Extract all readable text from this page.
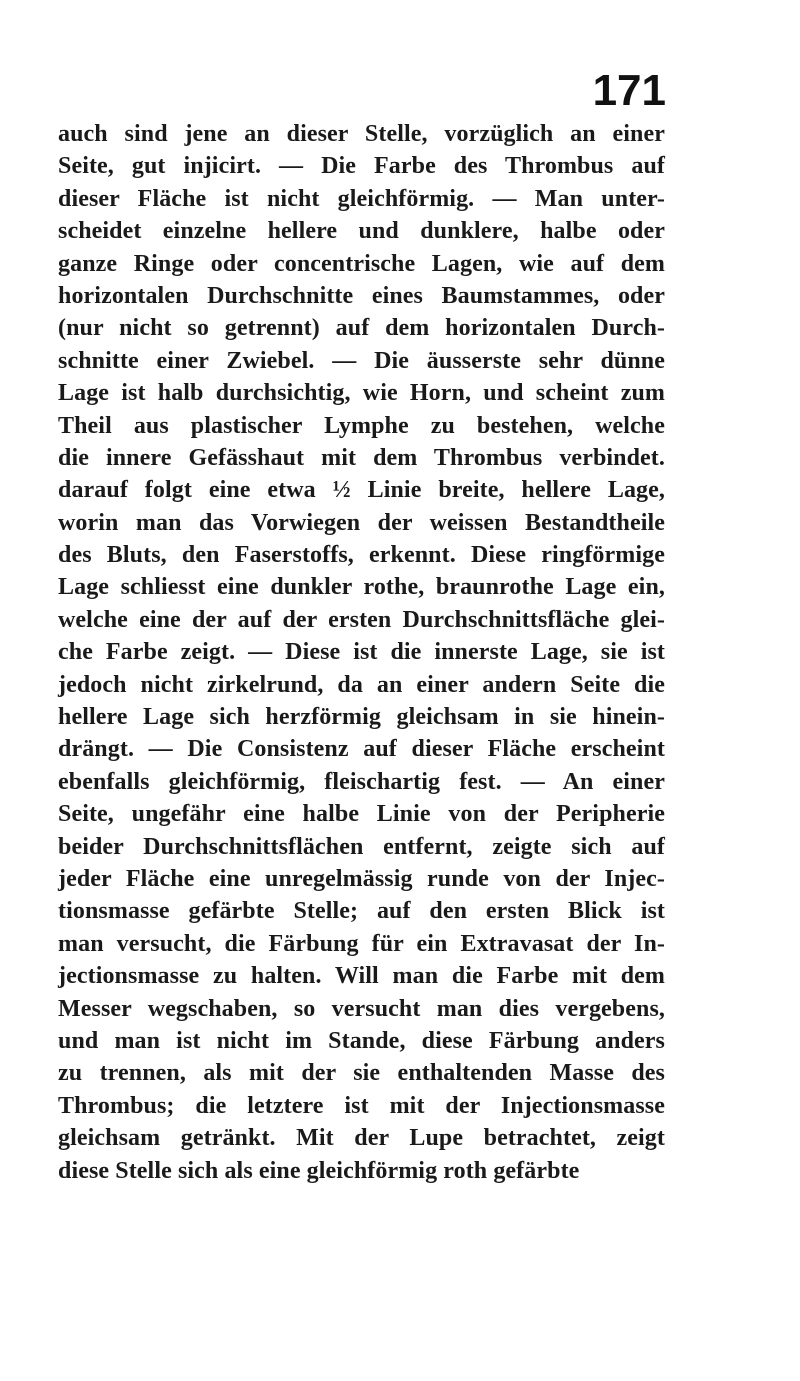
171
auch sind jene an dieser Stelle, vorzüglich an einer
Seite, gut injicirt. — Die Farbe des Thrombus auf
dieser Fläche ist nicht gleichförmig. — Man unter-
scheidet einzelne hellere und dunklere, halbe oder
ganze Ringe oder concentrische Lagen, wie auf dem
horizontalen Durchschnitte eines Baumstammes, oder
(nur nicht so getrennt) auf dem horizontalen Durch-
schnitte einer Zwiebel. — Die äusserste sehr dünne
Lage ist halb durchsichtig, wie Horn, und scheint zum
Theil aus plastischer Lymphe zu bestehen, welche
die innere Gefässhaut mit dem Thrombus verbindet.
darauf folgt eine etwa ½ Linie breite, hellere Lage,
worin man das Vorwiegen der weissen Bestandtheile
des Bluts, den Faserstoffs, erkennt. Diese ringförmige
Lage schliesst eine dunkler rothe, braunrothe Lage ein,
welche eine der auf der ersten Durchschnittsfläche glei-
che Farbe zeigt. — Diese ist die innerste Lage, sie ist
jedoch nicht zirkelrund, da an einer andern Seite die
hellere Lage sich herzförmig gleichsam in sie hinein-
drängt. — Die Consistenz auf dieser Fläche erscheint
ebenfalls gleichförmig, fleischartig fest. — An einer
Seite, ungefähr eine halbe Linie von der Peripherie
beider Durchschnittsflächen entfernt, zeigte sich auf
jeder Fläche eine unregelmässig runde von der Injec-
tionsmasse gefärbte Stelle; auf den ersten Blick ist
man versucht, die Färbung für ein Extravasat der In-
jectionsmasse zu halten. Will man die Farbe mit dem
Messer wegschaben, so versucht man dies vergebens,
und man ist nicht im Stande, diese Färbung anders
zu trennen, als mit der sie enthaltenden Masse des
Thrombus; die letztere ist mit der Injectionsmasse
gleichsam getränkt. Mit der Lupe betrachtet, zeigt
diese Stelle sich als eine gleichförmig roth gefärbte
